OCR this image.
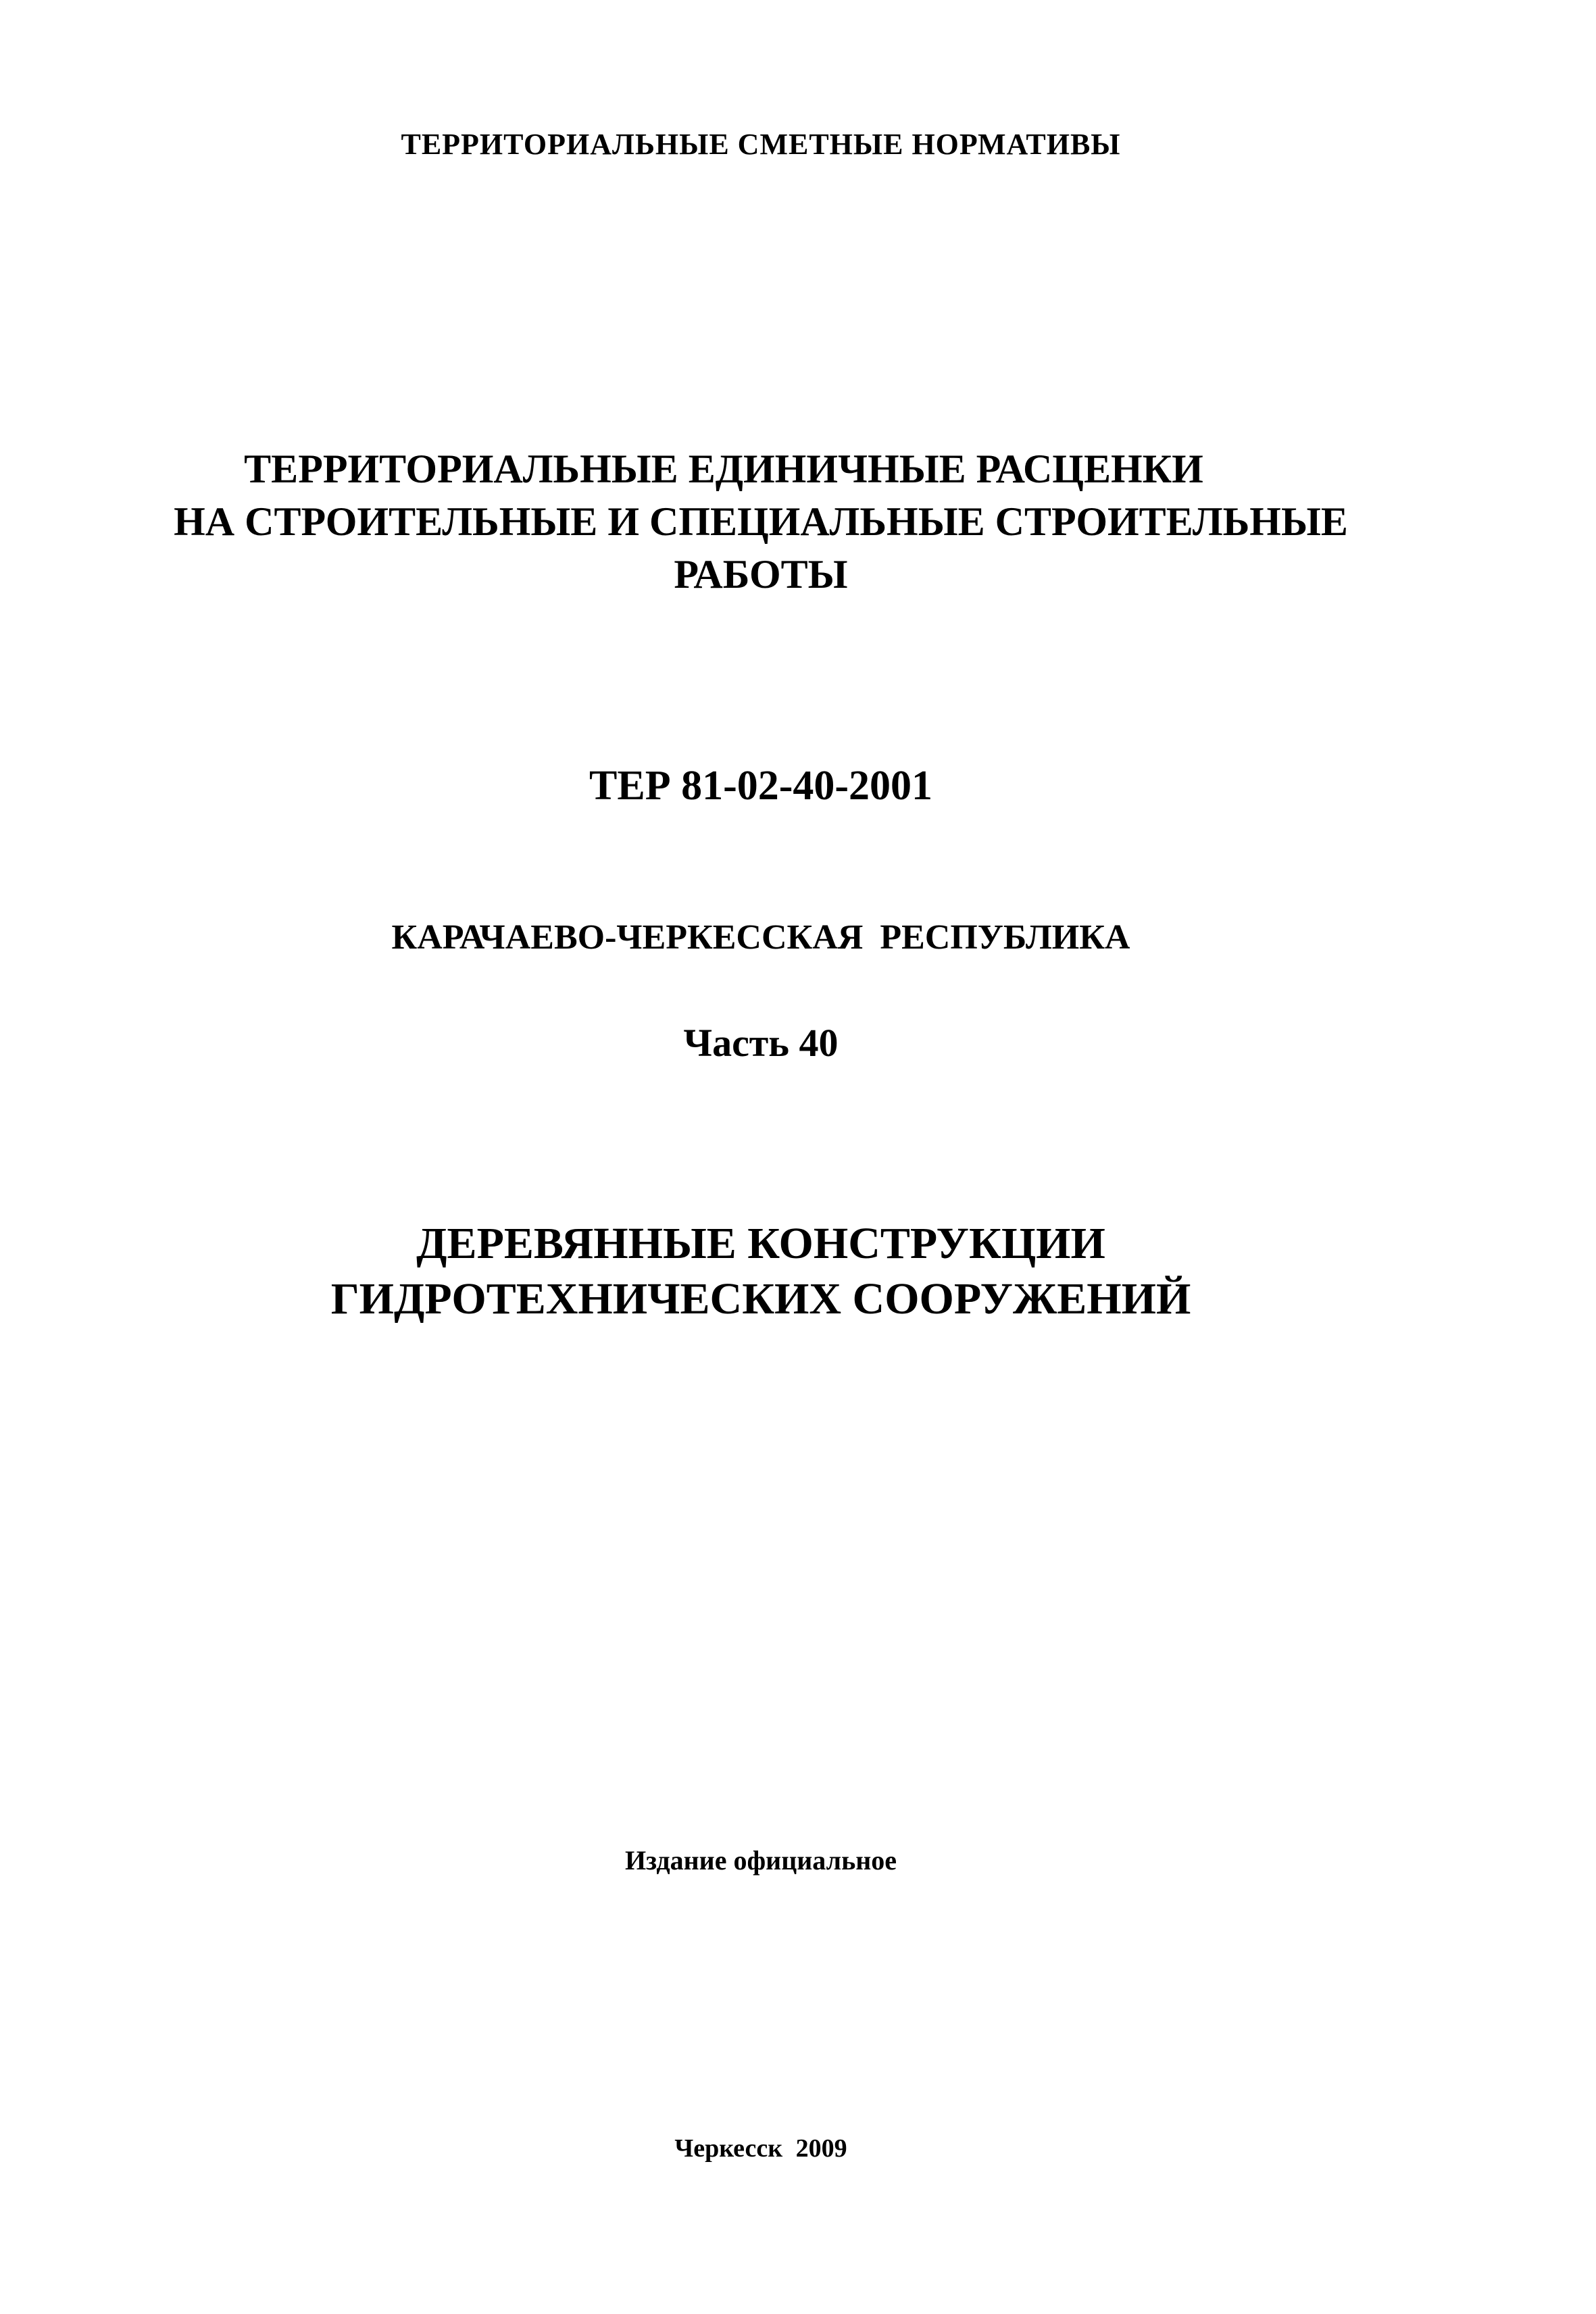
ТЕРРИТОРИАЛЬНЫЕ СМЕТНЫЕ НОРМАТИВЫ

ТЕРРИТОРИАЛЬНЫЕ ЕДИНИЧНЫЕ РАСЦЕНКИ
НА СТРОИТЕЛЬНЫЕ И СПЕЦИАЛЬНЫЕ СТРОИТЕЛЬНЫЕ
РАБОТЫ

ТЕР 81-02-40-2001

КАРАЧАЕВО-ЧЕРКЕССКАЯ РЕСПУБЛИКА

Часть 40

ДЕРЕВЯННЫЕ КОНСТРУКЦИИ
ГИДРОТЕХНИЧЕСКИХ СООРУЖЕНИЙ

Издание официальное

Черкесск 2009
